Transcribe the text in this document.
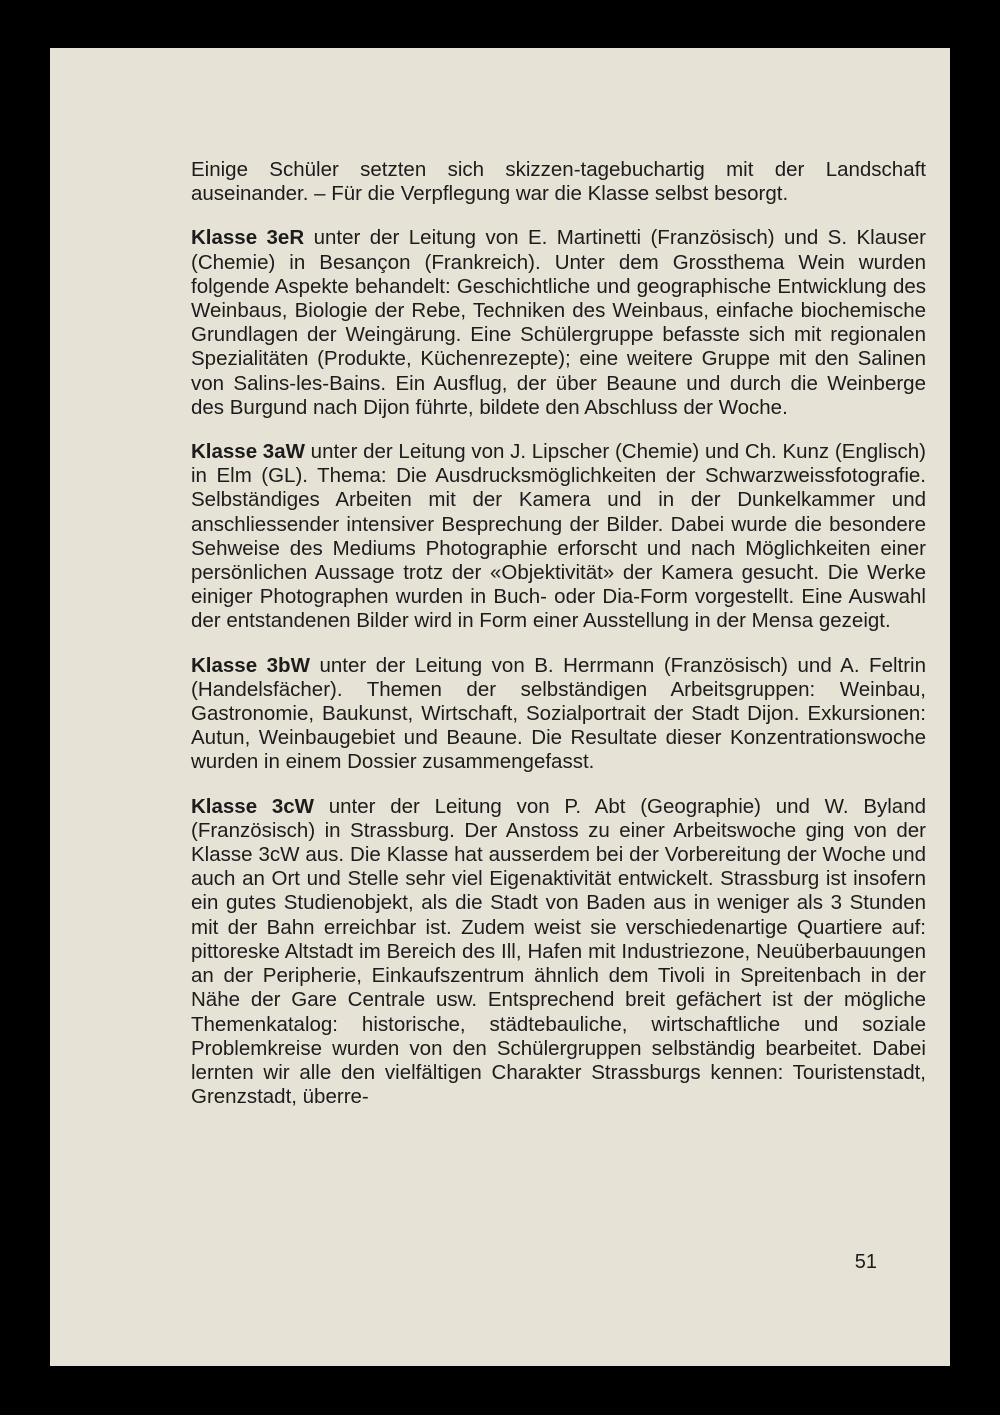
Einige Schüler setzten sich skizzen-tagebuchartig mit der Landschaft auseinander. – Für die Verpflegung war die Klasse selbst besorgt.

Klasse 3eR unter der Leitung von E. Martinetti (Französisch) und S. Klauser (Chemie) in Besançon (Frankreich). Unter dem Grossthema Wein wurden folgende Aspekte behandelt: Geschichtliche und geographische Entwicklung des Weinbaus, Biologie der Rebe, Techniken des Weinbaus, einfache biochemische Grundlagen der Weingärung. Eine Schülergruppe befasste sich mit regionalen Spezialitäten (Produkte, Küchenrezepte); eine weitere Gruppe mit den Salinen von Salins-les-Bains. Ein Ausflug, der über Beaune und durch die Weinberge des Burgund nach Dijon führte, bildete den Abschluss der Woche.

Klasse 3aW unter der Leitung von J. Lipscher (Chemie) und Ch. Kunz (Englisch) in Elm (GL). Thema: Die Ausdrucksmöglichkeiten der Schwarzweissfotografie. Selbständiges Arbeiten mit der Kamera und in der Dunkelkammer und anschliessender intensiver Besprechung der Bilder. Dabei wurde die besondere Sehweise des Mediums Photographie erforscht und nach Möglichkeiten einer persönlichen Aussage trotz der «Objektivität» der Kamera gesucht. Die Werke einiger Photographen wurden in Buch- oder Dia-Form vorgestellt. Eine Auswahl der entstandenen Bilder wird in Form einer Ausstellung in der Mensa gezeigt.

Klasse 3bW unter der Leitung von B. Herrmann (Französisch) und A. Feltrin (Handelsfächer). Themen der selbständigen Arbeitsgruppen: Weinbau, Gastronomie, Baukunst, Wirtschaft, Sozialportrait der Stadt Dijon. Exkursionen: Autun, Weinbaugebiet und Beaune. Die Resultate dieser Konzentrationswoche wurden in einem Dossier zusammengefasst.

Klasse 3cW unter der Leitung von P. Abt (Geographie) und W. Byland (Französisch) in Strassburg. Der Anstoss zu einer Arbeitswoche ging von der Klasse 3cW aus. Die Klasse hat ausserdem bei der Vorbereitung der Woche und auch an Ort und Stelle sehr viel Eigenaktivität entwickelt. Strassburg ist insofern ein gutes Studienobjekt, als die Stadt von Baden aus in weniger als 3 Stunden mit der Bahn erreichbar ist. Zudem weist sie verschiedenartige Quartiere auf: pittoreske Altstadt im Bereich des Ill, Hafen mit Industriezone, Neuüberbauungen an der Peripherie, Einkaufszentrum ähnlich dem Tivoli in Spreitenbach in der Nähe der Gare Centrale usw. Entsprechend breit gefächert ist der mögliche Themenkatalog: historische, städtebauliche, wirtschaftliche und soziale Problemkreise wurden von den Schülergruppen selbständig bearbeitet. Dabei lernten wir alle den vielfältigen Charakter Strassburgs kennen: Touristenstadt, Grenzstadt, überre-

51
